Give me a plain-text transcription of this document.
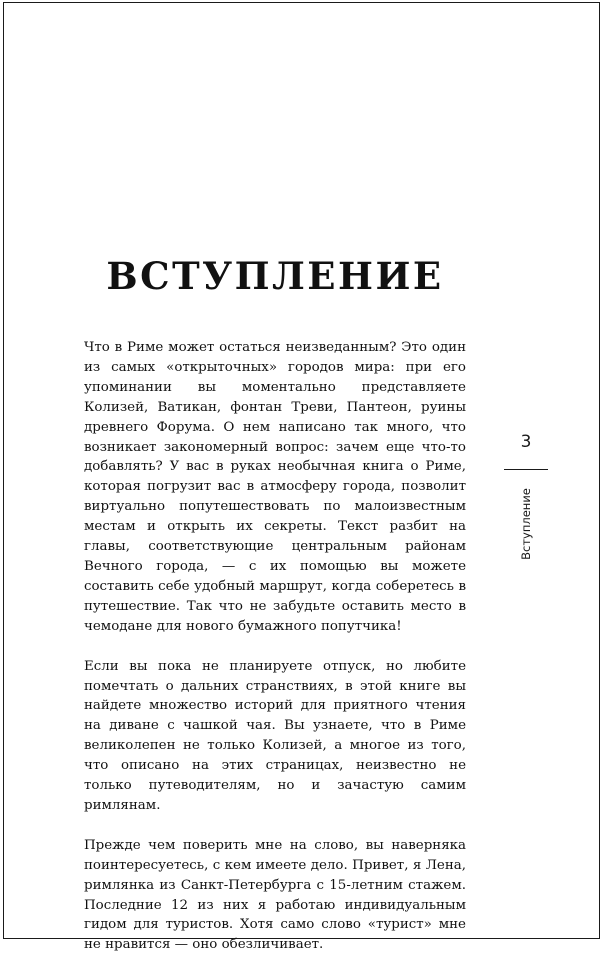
ВСТУПЛЕНИЕ

Что в Риме может остаться неизведанным? Это один из самых «открыточных» городов мира: при его упоминании вы моментально представляете Колизей, Ватикан, фонтан Треви, Пантеон, руины древнего Форума. О нем написано так много, что возникает закономерный вопрос: зачем еще что-то добавлять? У вас в руках необычная книга о Риме, которая погрузит вас в атмосферу города, позволит виртуально попутешествовать по малоизвестным местам и открыть их секреты. Текст разбит на главы, соответствующие центральным районам Вечного города, — с их помощью вы можете составить себе удобный маршрут, когда соберетесь в путешествие. Так что не забудьте оставить место в чемодане для нового бумажного попутчика!

Если вы пока не планируете отпуск, но любите помечтать о дальних странствиях, в этой книге вы найдете множество историй для приятного чтения на диване с чашкой чая. Вы узнаете, что в Риме великолепен не только Колизей, а многое из того, что описано на этих страницах, неизвестно не только путеводителям, но и зачастую самим римлянам.

Прежде чем поверить мне на слово, вы наверняка поинтересуетесь, с кем имеете дело. Привет, я Лена, римлянка из Санкт-Петербурга с 15-летним стажем. Последние 12 из них я работаю индивидуальным гидом для туристов. Хотя само слово «турист» мне не нравится — оно обезличивает.

3
Вступление
